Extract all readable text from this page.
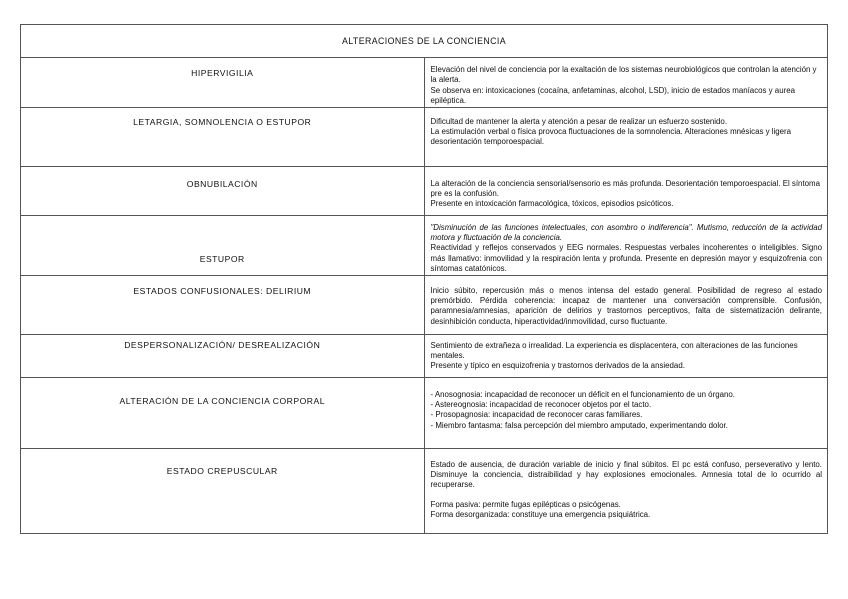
ALTERACIONES DE LA CONCIENCIA	

HIPERVIGILIA	Elevación del nivel de conciencia por la exaltación de los sistemas neurobiológicos que controlan la atención y la alerta.

Se observa en: intoxicaciones (cocaína, anfetaminas, alcohol, LSD), inicio de estados maníacos y aurea epiléptica.

LETARGIA, SOMNOLENCIA O ESTUPOR	Dificultad de mantener la alerta y atención a pesar de realizar un esfuerzo sostenido.

La estimulación verbal o física provoca fluctuaciones de la somnolencia. Alteraciones mnésicas y ligera desorientación temporoespacial.

OBNUBILACIÓN	La alteración de la conciencia sensorial/sensorio es más profunda. Desorientación temporoespacial. El síntoma pre es la confusión.

Presente en intoxicación farmacológica, tóxicos, episodios psicóticos.

ESTUPOR	"Disminución de las funciones intelectuales, con asombro o indiferencia". Mutismo, reducción de la actividad motora y fluctuación de la conciencia.

Reactividad y reflejos conservados y EEG normales. Respuestas verbales incoherentes o inteligibles. Signo más llamativo: inmovilidad y la respiración lenta y profunda. Presente en depresión mayor y esquizofrenia con síntomas catatónicos.

ESTADOS CONFUSIONALES: DELIRIUM	Inicio súbito, repercusión más o menos intensa del estado general. Posibilidad de regreso al estado premórbido. Pérdida coherencia: incapaz de mantener una conversación comprensible. Confusión, paramnesia/amnesias, aparición de delirios y trastornos perceptivos, falta de sistematización delirante, desinhibición conducta, hiperactividad/inmovilidad, curso fluctuante.

DESPERSONALIZACIÓN/ DESREALIZACIÓN	Sentimiento de extrañeza o irrealidad. La experiencia es displacentera, con alteraciones de las funciones mentales.

Presente y típico en esquizofrenia y trastornos derivados de la ansiedad.

ALTERACIÓN DE LA CONCIENCIA CORPORAL	- Anosognosia: incapacidad de reconocer un déficit en el funcionamiento de un órgano.

- Astereognosia: incapacidad de reconocer objetos por el tacto.

- Prosopagnosia: incapacidad de reconocer caras familiares.

- Miembro fantasma: falsa percepción del miembro amputado, experimentando dolor.

ESTADO CREPUSCULAR	Estado de ausencia, de duración variable de inicio y final súbitos. El pc está confuso, perseverativo y lento. Disminuye la conciencia, distraibilidad y hay explosiones emocionales. Amnesia total de lo ocurrido al recuperarse.

Forma pasiva: permite fugas epilépticas o psicógenas.

Forma desorganizada: constituye una emergencia psiquiátrica.
